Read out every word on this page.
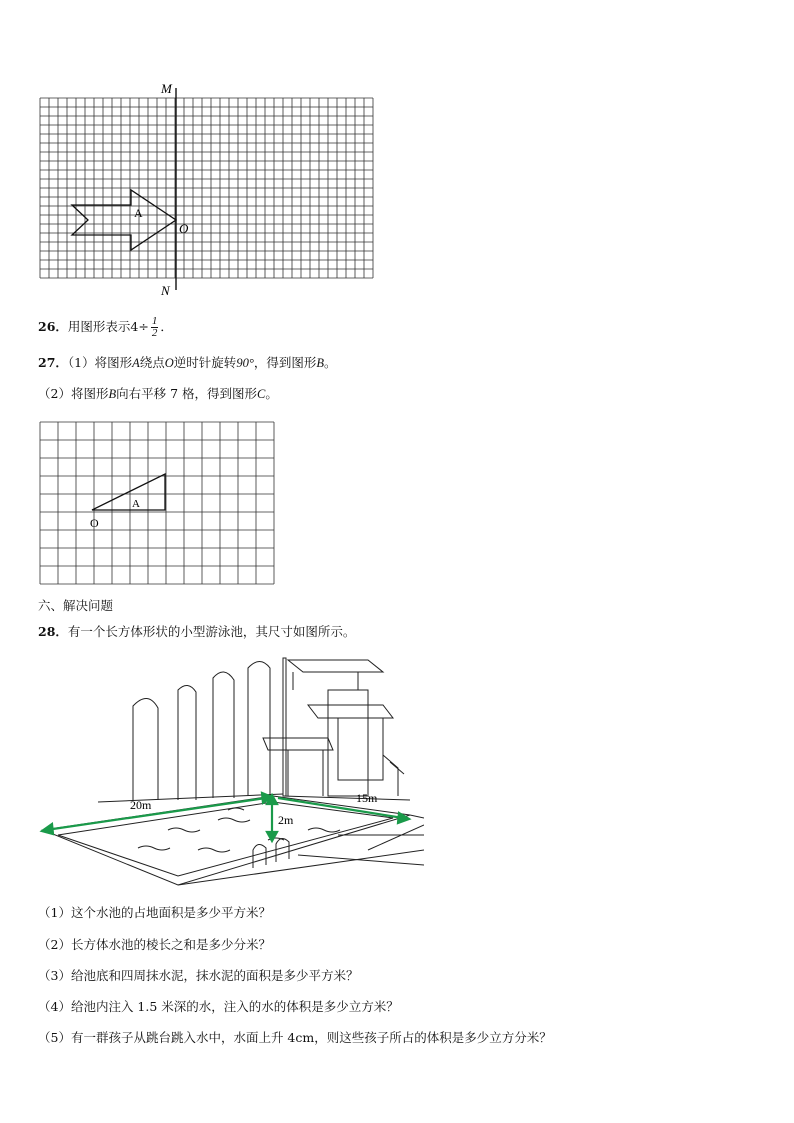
M
N
O
A
26．用图形表示$4\div \frac{1}{2}$ ．
27．（1）将图形A绕点O逆时针旋转90°，得到图形B。
（2）将图形B向右平移 7 格，得到图形C。
A
O
六、解决问题
28．有一个长方体形状的小型游泳池，其尺寸如图所示。
20m	15m
2m
（1）这个水池的占地面积是多少平方米？
（2）长方体水池的棱长之和是多少分米？
（3）给池底和四周抹水泥，抹水泥的面积是多少平方米？
（4）给池内注入 1.5 米深的水，注入的水的体积是多少立方米？
（5）有一群孩子从跳台跳入水中，水面上升 4cm，则这些孩子所占的体积是多少立方分米？
